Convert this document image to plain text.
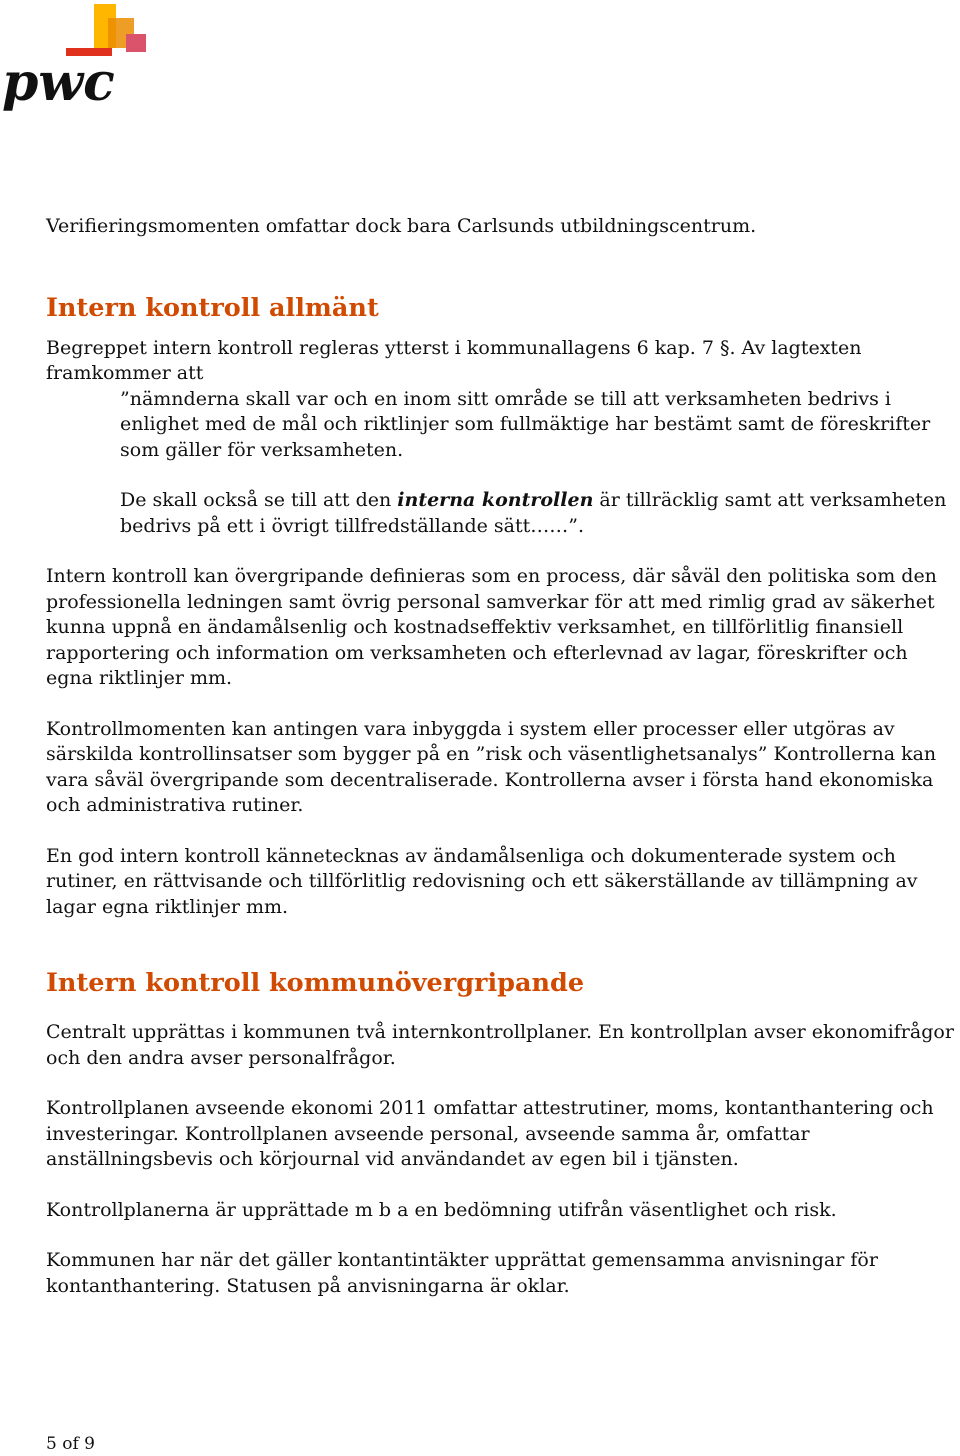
pwc

Verifieringsmomenten omfattar dock bara Carlsunds utbildningscentrum.

Intern kontroll allmänt

Begreppet intern kontroll regleras ytterst i kommunallagens 6 kap. 7 §. Av lagtexten framkommer att

”nämnderna skall var och en inom sitt område se till att verksamheten bedrivs i enlighet med de mål och riktlinjer som fullmäktige har bestämt samt de föreskrifter som gäller för verksamheten.

De skall också se till att den interna kontrollen är tillräcklig samt att verksamheten bedrivs på ett i övrigt tillfredställande sätt……”.

Intern kontroll kan övergripande definieras som en process, där såväl den politiska som den professionella ledningen samt övrig personal samverkar för att med rimlig grad av säkerhet kunna uppnå en ändamålsenlig och kostnadseffektiv verksamhet, en tillförlitlig finansiell rapportering och information om verksamheten och efterlevnad av lagar, föreskrifter och egna riktlinjer mm.

Kontrollmomenten kan antingen vara inbyggda i system eller processer eller utgöras av särskilda kontrollinsatser som bygger på en ”risk och väsentlighetsanalys” Kontrollerna kan vara såväl övergripande som decentraliserade. Kontrollerna avser i första hand ekonomiska och administrativa rutiner.

En god intern kontroll kännetecknas av ändamålsenliga och dokumenterade system och rutiner, en rättvisande och tillförlitlig redovisning och ett säkerställande av tillämpning av lagar egna riktlinjer mm.

Intern kontroll kommunövergripande

Centralt upprättas i kommunen två internkontrollplaner. En kontrollplan avser ekonomifrågor och den andra avser personalfrågor.

Kontrollplanen avseende ekonomi 2011 omfattar attestrutiner, moms, kontanthantering och investeringar. Kontrollplanen avseende personal, avseende samma år, omfattar anställningsbevis och körjournal vid användandet av egen bil i tjänsten.

Kontrollplanerna är upprättade m b a en bedömning utifrån väsentlighet och risk.

Kommunen har när det gäller kontantintäkter upprättat gemensamma anvisningar för kontanthantering. Statusen på anvisningarna är oklar.

5 of 9
